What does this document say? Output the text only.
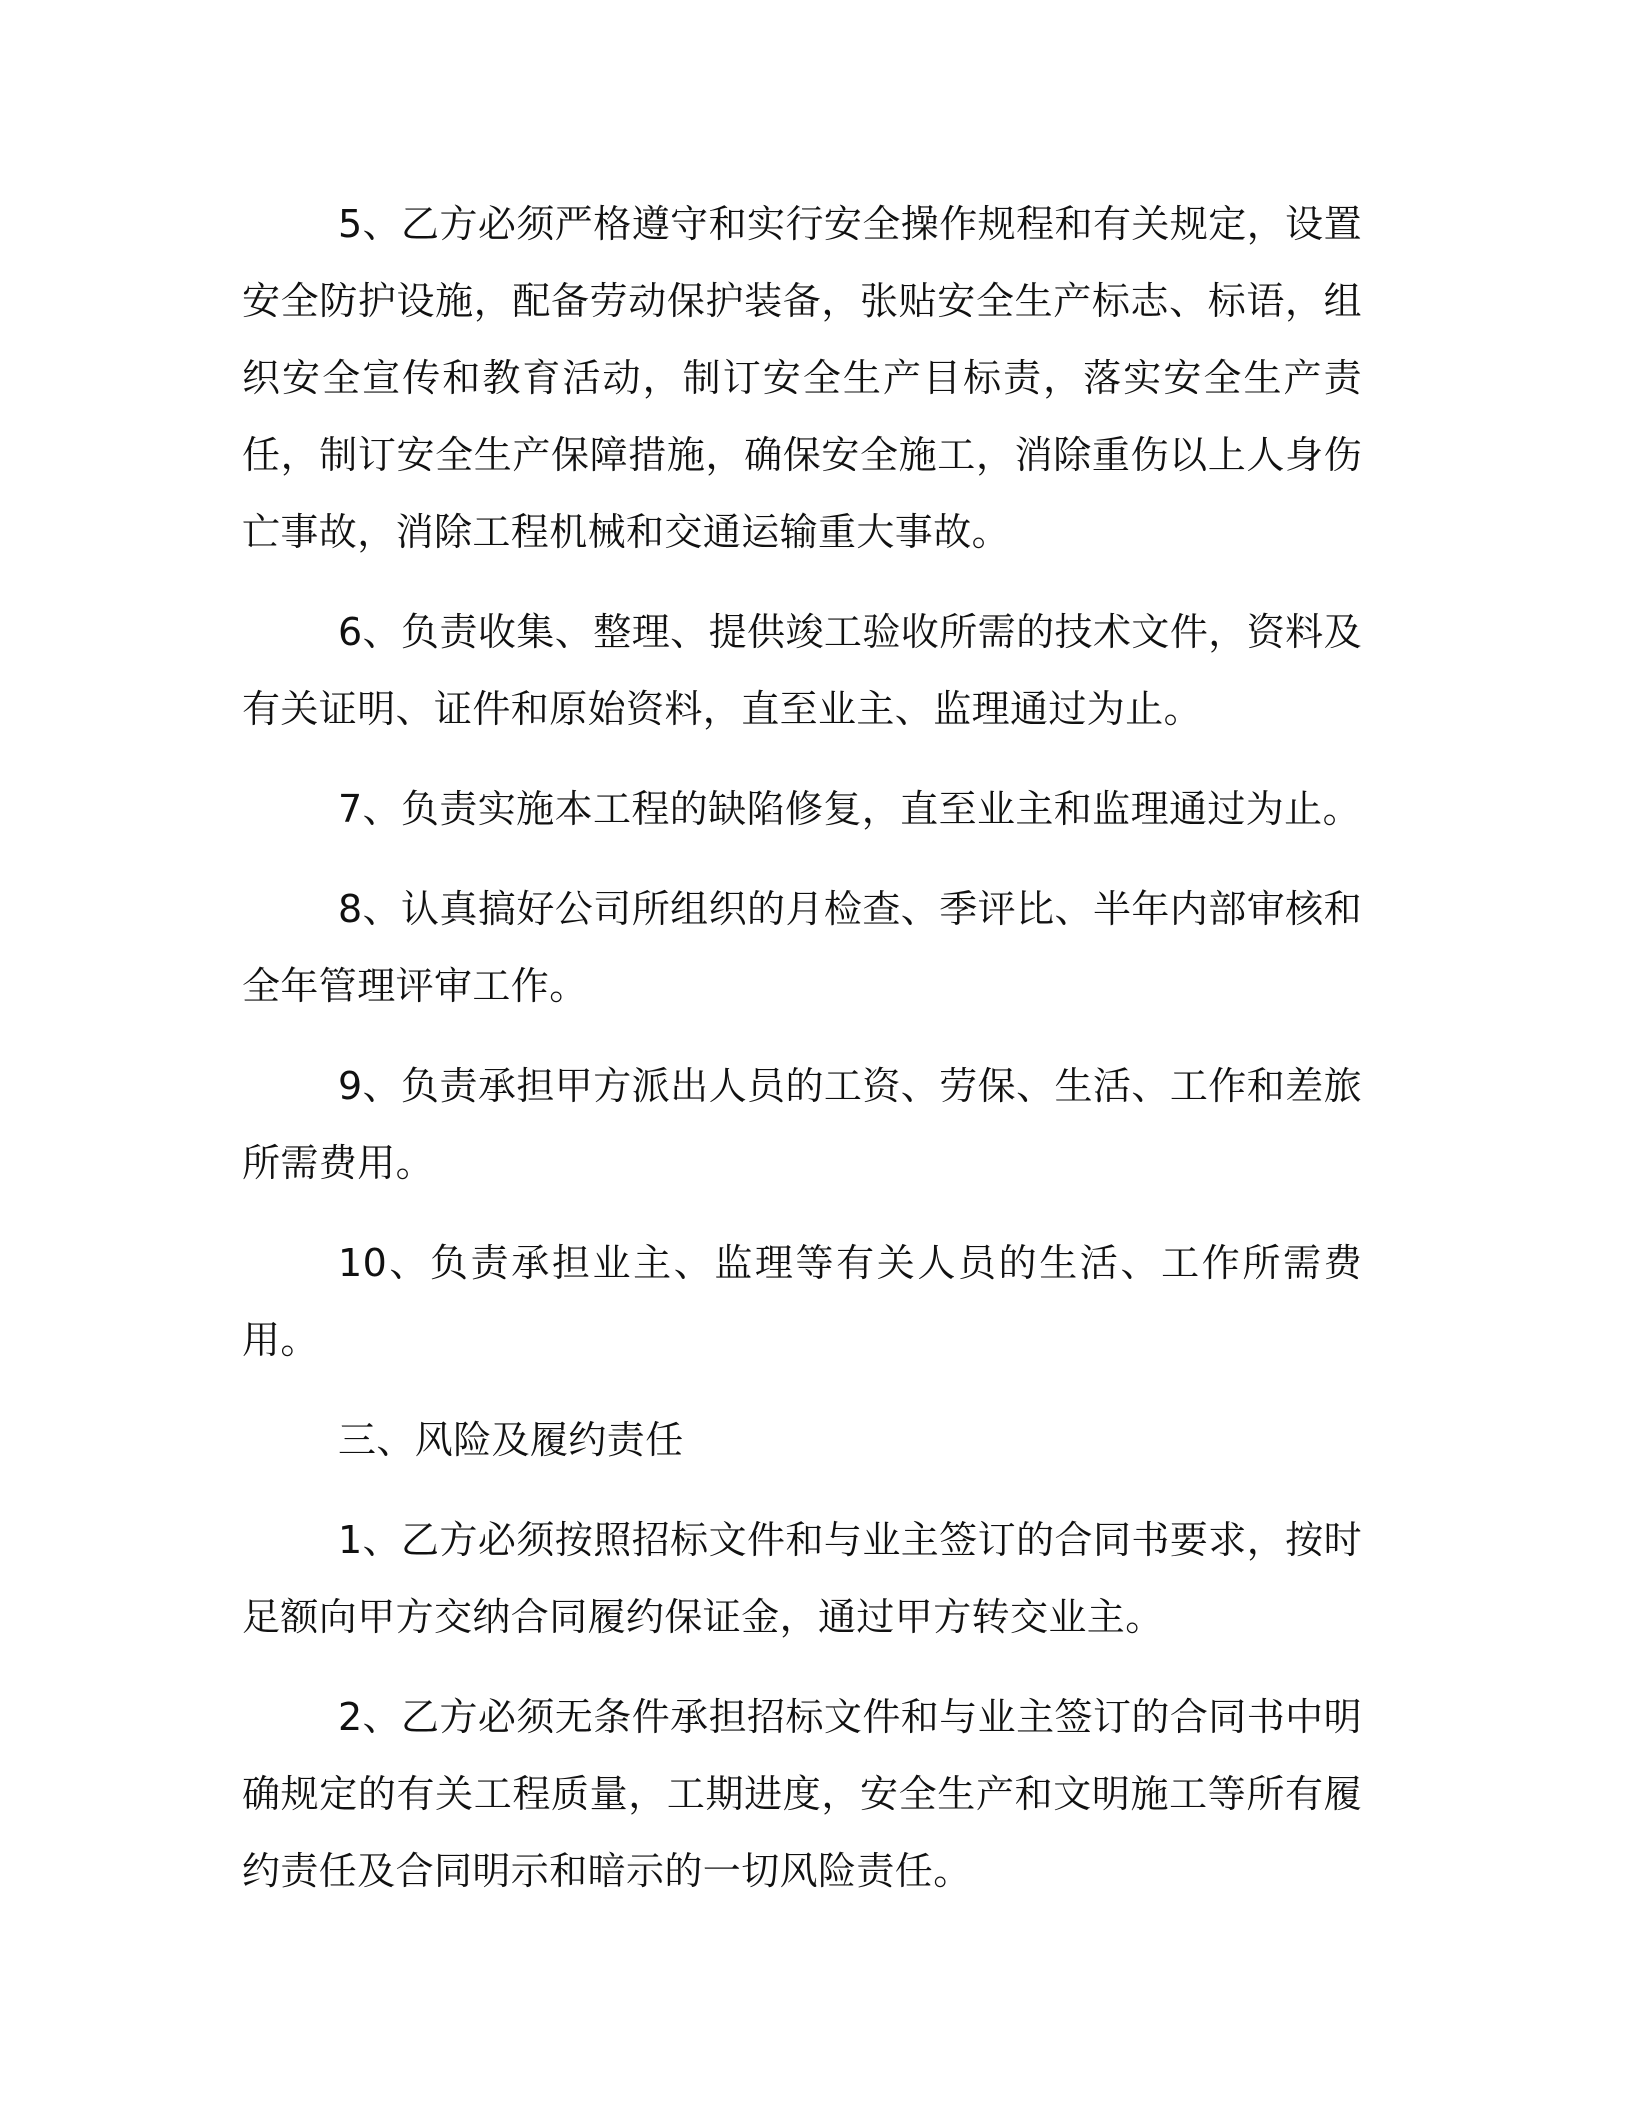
5、乙方必须严格遵守和实行安全操作规程和有关规定，设置安全防护设施，配备劳动保护装备，张贴安全生产标志、标语，组织安全宣传和教育活动，制订安全生产目标责，落实安全生产责任，制订安全生产保障措施，确保安全施工，消除重伤以上人身伤亡事故，消除工程机械和交通运输重大事故。

6、负责收集、整理、提供竣工验收所需的技术文件，资料及有关证明、证件和原始资料，直至业主、监理通过为止。

7、负责实施本工程的缺陷修复，直至业主和监理通过为止。

8、认真搞好公司所组织的月检查、季评比、半年内部审核和全年管理评审工作。

9、负责承担甲方派出人员的工资、劳保、生活、工作和差旅所需费用。

10、负责承担业主、监理等有关人员的生活、工作所需费用。

三、风险及履约责任

1、乙方必须按照招标文件和与业主签订的合同书要求，按时足额向甲方交纳合同履约保证金，通过甲方转交业主。

2、乙方必须无条件承担招标文件和与业主签订的合同书中明确规定的有关工程质量，工期进度，安全生产和文明施工等所有履约责任及合同明示和暗示的一切风险责任。
